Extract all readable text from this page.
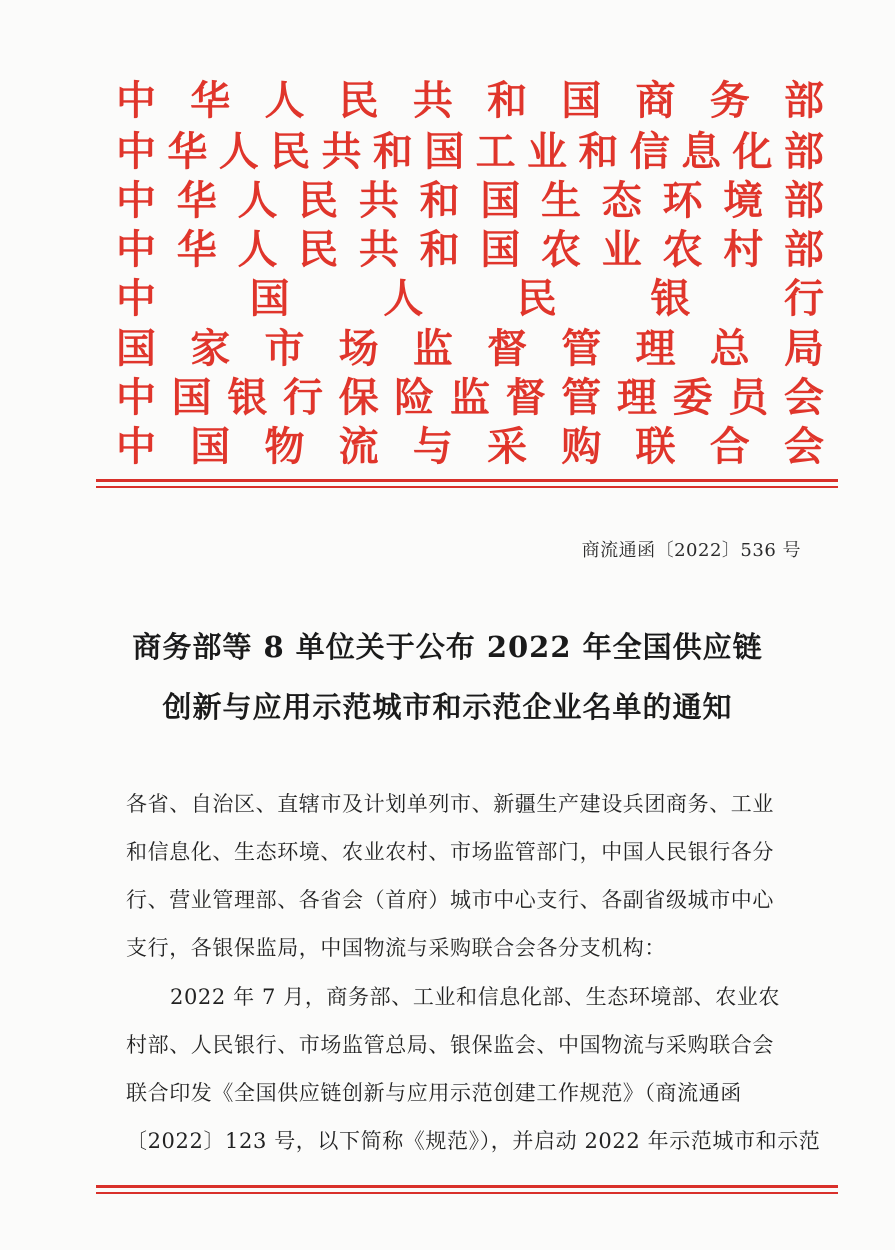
中 华 人 民 共 和 国 商 务 部
中 华 人 民 共 和 国 工 业 和 信 息 化 部
中 华 人 民 共 和 国 生 态 环 境 部
中 华 人 民 共 和 国 农 业 农 村 部
中 国 人 民 银 行
国 家 市 场 监 督 管 理 总 局
中 国 银 行 保 险 监 督 管 理 委 员 会
中 国 物 流 与 采 购 联 合 会
商流通函〔2022〕536 号
商务部等 8 单位关于公布 2022 年全国供应链
创新与应用示范城市和示范企业名单的通知
各省、自治区、直辖市及计划单列市、新疆生产建设兵团商务、工业
和信息化、生态环境、农业农村、市场监管部门，中国人民银行各分
行、营业管理部、各省会（首府）城市中心支行、各副省级城市中心
支行，各银保监局，中国物流与采购联合会各分支机构：
2022 年 7 月，商务部、工业和信息化部、生态环境部、农业农
村部、人民银行、市场监管总局、银保监会、中国物流与采购联合会
联合印发《全国供应链创新与应用示范创建工作规范》（商流通函
〔2022〕123 号，以下简称《规范》），并启动 2022 年示范城市和示范
